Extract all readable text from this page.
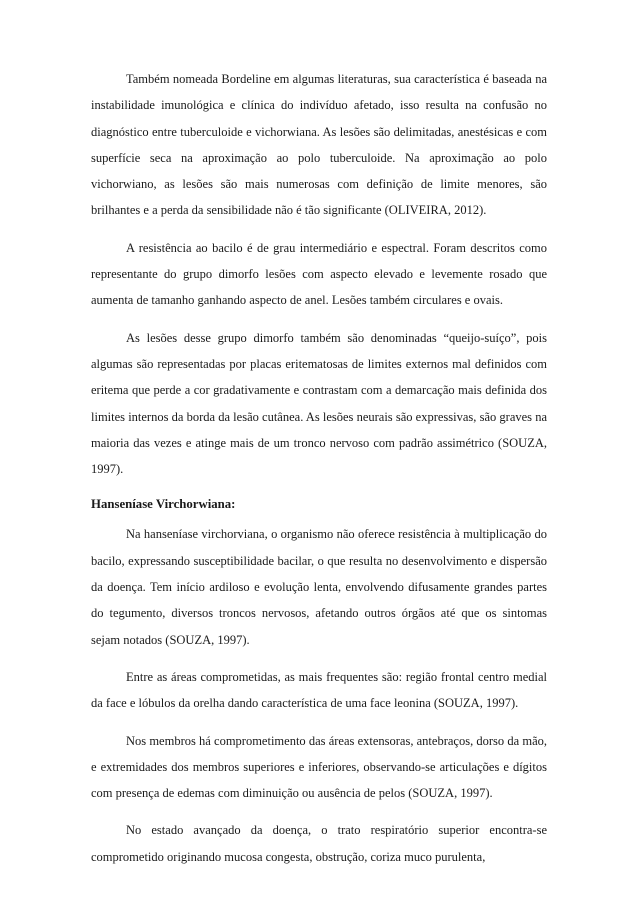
Também nomeada Bordeline em algumas literaturas, sua característica é baseada na instabilidade imunológica e clínica do indivíduo afetado, isso resulta na confusão no diagnóstico entre tuberculoide e vichorwiana. As lesões são delimitadas, anestésicas e com superfície seca na aproximação ao polo tuberculoide. Na aproximação ao polo vichorwiano, as lesões são mais numerosas com definição de limite menores, são brilhantes e a perda da sensibilidade não é tão significante (OLIVEIRA, 2012).

A resistência ao bacilo é de grau intermediário e espectral. Foram descritos como representante do grupo dimorfo lesões com aspecto elevado e levemente rosado que aumenta de tamanho ganhando aspecto de anel. Lesões também circulares e ovais.

As lesões desse grupo dimorfo também são denominadas “queijo-suíço”, pois algumas são representadas por placas eritematosas de limites externos mal definidos com eritema que perde a cor gradativamente e contrastam com a demarcação mais definida dos limites internos da borda da lesão cutânea. As lesões neurais são expressivas, são graves na maioria das vezes e atinge mais de um tronco nervoso com padrão assimétrico (SOUZA, 1997).

Hanseníase Virchorwiana:

Na hanseníase virchorviana, o organismo não oferece resistência à multiplicação do bacilo, expressando susceptibilidade bacilar, o que resulta no desenvolvimento e dispersão da doença. Tem início ardiloso e evolução lenta, envolvendo difusamente grandes partes do tegumento, diversos troncos nervosos, afetando outros órgãos até que os sintomas sejam notados (SOUZA, 1997).

Entre as áreas comprometidas, as mais frequentes são: região frontal centro medial da face e lóbulos da orelha dando característica de uma face leonina (SOUZA, 1997).

Nos membros há comprometimento das áreas extensoras, antebraços, dorso da mão, e extremidades dos membros superiores e inferiores, observando-se articulações e dígitos com presença de edemas com diminuição ou ausência de pelos (SOUZA, 1997).

No estado avançado da doença, o trato respiratório superior encontra-se comprometido originando mucosa congesta, obstrução, coriza muco purulenta,
